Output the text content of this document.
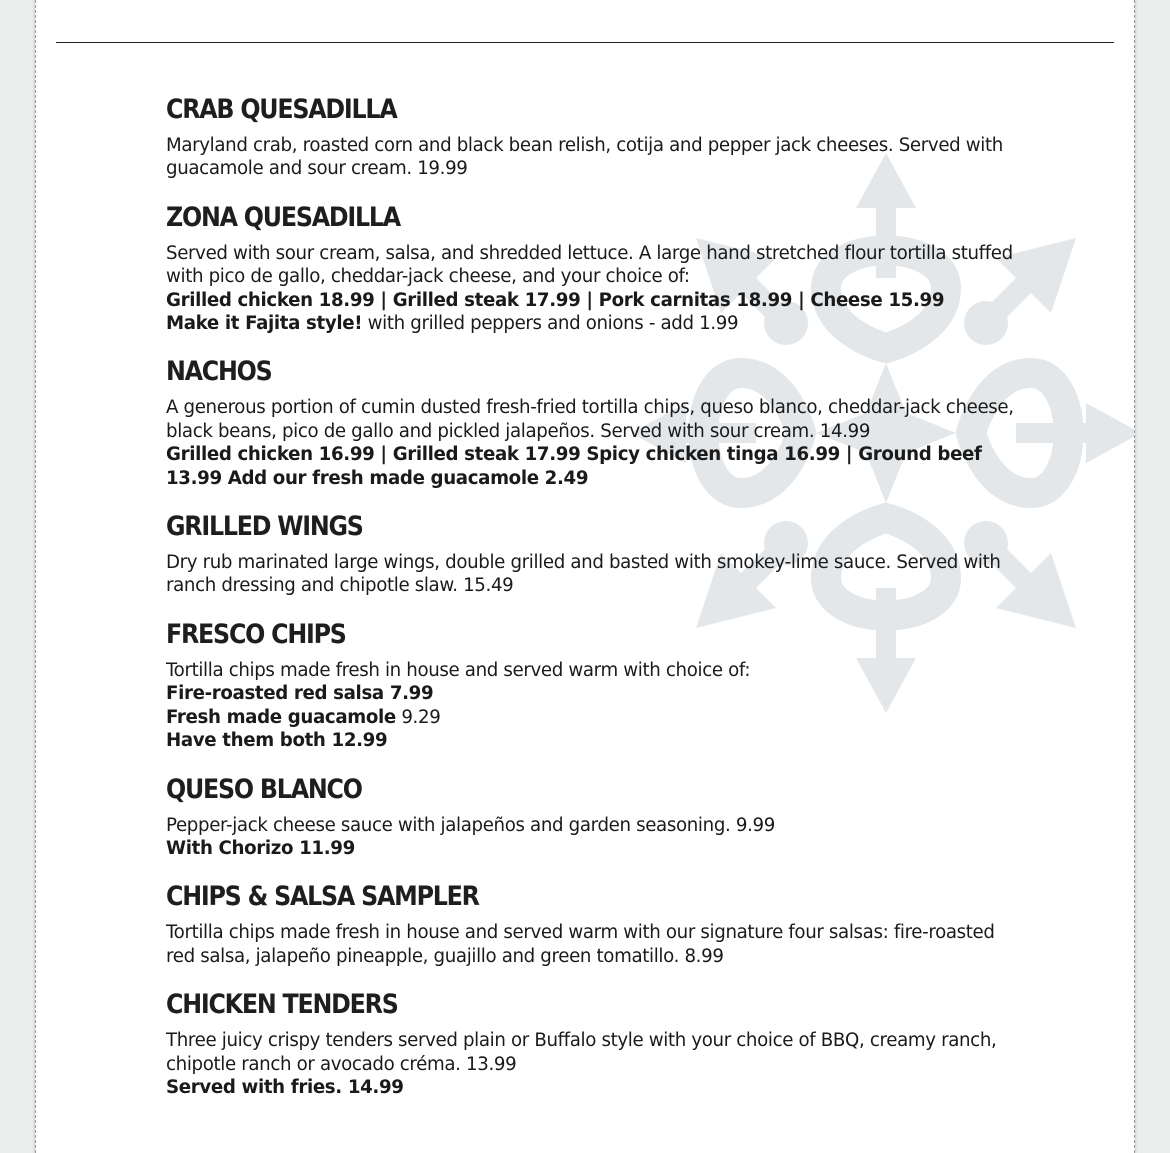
CRAB QUESADILLA

Maryland crab, roasted corn and black bean relish, cotija and pepper jack cheeses. Served with guacamole and sour cream. 19.99

ZONA QUESADILLA

Served with sour cream, salsa, and shredded lettuce. A large hand stretched flour tortilla stuffed with pico de gallo, cheddar-jack cheese, and your choice of:

Grilled chicken 18.99 | Grilled steak 17.99 | Pork carnitas 18.99 | Cheese 15.99

Make it Fajita style! with grilled peppers and onions - add 1.99

NACHOS

A generous portion of cumin dusted fresh-fried tortilla chips, queso blanco, cheddar-jack cheese, black beans, pico de gallo and pickled jalapeños. Served with sour cream. 14.99

Grilled chicken 16.99 | Grilled steak 17.99 Spicy chicken tinga 16.99 | Ground beef 13.99 Add our fresh made guacamole 2.49

GRILLED WINGS

Dry rub marinated large wings, double grilled and basted with smokey-lime sauce. Served with ranch dressing and chipotle slaw. 15.49

FRESCO CHIPS

Tortilla chips made fresh in house and served warm with choice of:

Fire-roasted red salsa 7.99

Fresh made guacamole 9.29

Have them both 12.99

QUESO BLANCO

Pepper-jack cheese sauce with jalapeños and garden seasoning. 9.99

With Chorizo 11.99

CHIPS & SALSA SAMPLER

Tortilla chips made fresh in house and served warm with our signature four salsas: fire-roasted red salsa, jalapeño pineapple, guajillo and green tomatillo. 8.99

CHICKEN TENDERS

Three juicy crispy tenders served plain or Buffalo style with your choice of BBQ, creamy ranch, chipotle ranch or avocado créma. 13.99

Served with fries. 14.99
